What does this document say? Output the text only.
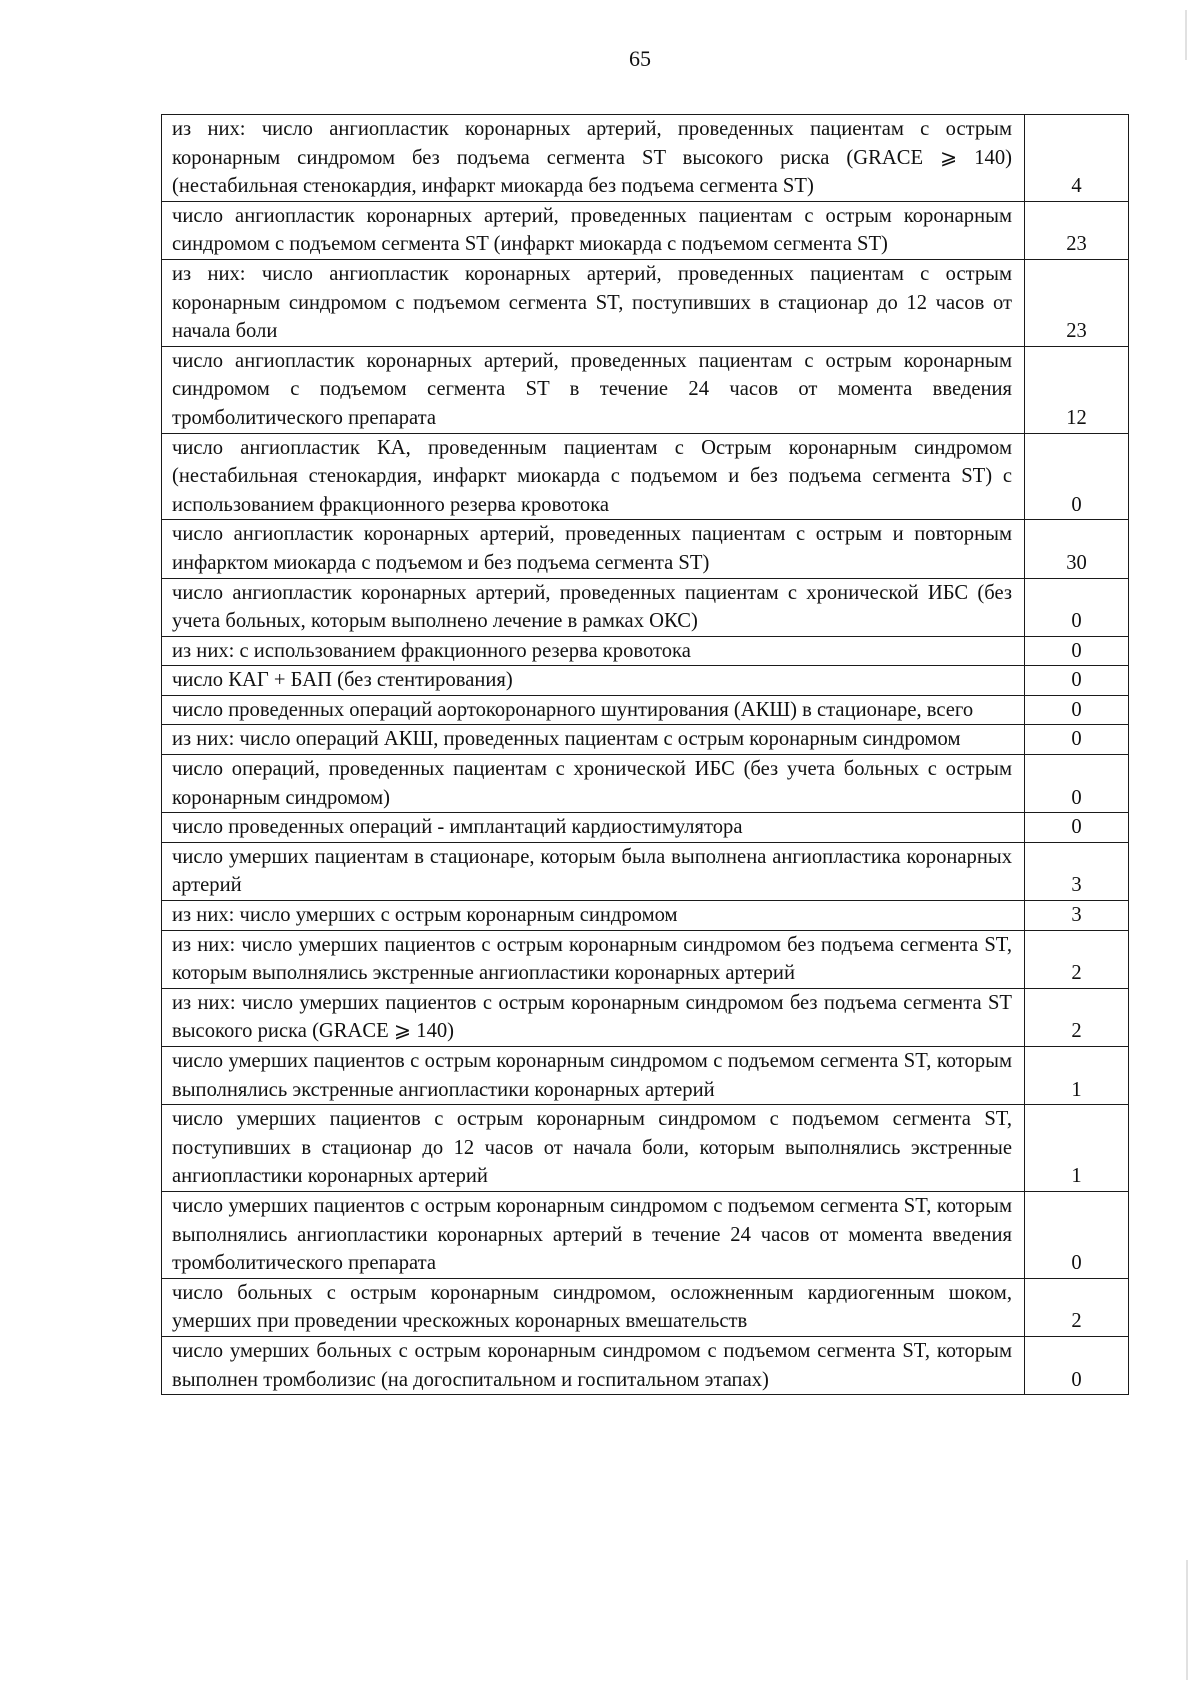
65
из них: число ангиопластик коронарных артерий, проведенных пациентам с острым коронарным синдромом без подъема сегмента ST высокого риска (GRACE ⩾ 140) (нестабильная стенокардия, инфаркт миокарда без подъема сегмента ST)	4
число ангиопластик коронарных артерий, проведенных пациентам с острым коронарным синдромом с подъемом сегмента ST (инфаркт миокарда с подъемом сегмента ST)	23
из них: число ангиопластик коронарных артерий, проведенных пациентам с острым коронарным синдромом с подъемом сегмента ST, поступивших в стационар до 12 часов от начала боли	23
число ангиопластик коронарных артерий, проведенных пациентам с острым коронарным синдромом с подъемом сегмента ST в течение 24 часов от момента введения тромболитического препарата	12
число ангиопластик КА, проведенным пациентам с Острым коронарным синдромом (нестабильная стенокардия, инфаркт миокарда с подъемом и без подъема сегмента ST) с использованием фракционного резерва кровотока	0
число ангиопластик коронарных артерий, проведенных пациентам с острым и повторным инфарктом миокарда с подъемом и без подъема сегмента ST)	30
число ангиопластик коронарных артерий, проведенных пациентам с хронической ИБС (без учета больных, которым выполнено лечение в рамках ОКС)	0
из них: с использованием фракционного резерва кровотока	0
число КАГ + БАП (без стентирования)	0
число проведенных операций аортокоронарного шунтирования (АКШ) в стационаре, всего	0
из них: число операций АКШ, проведенных пациентам с острым коронарным синдромом	0
число операций, проведенных пациентам с хронической ИБС (без учета больных с острым коронарным синдромом)	0
число проведенных операций - имплантаций кардиостимулятора	0
число умерших пациентам в стационаре, которым была выполнена ангиопластика коронарных артерий	3
из них: число умерших с острым коронарным синдромом	3
из них: число умерших пациентов с острым коронарным синдромом без подъема сегмента ST, которым выполнялись экстренные ангиопластики коронарных артерий	2
из них: число умерших пациентов с острым коронарным синдромом без подъема сегмента ST высокого риска (GRACE ⩾ 140)	2
число умерших пациентов с острым коронарным синдромом с подъемом сегмента ST, которым выполнялись экстренные ангиопластики коронарных артерий	1
число умерших пациентов с острым коронарным синдромом с подъемом сегмента ST, поступивших в стационар до 12 часов от начала боли, которым выполнялись экстренные ангиопластики коронарных артерий	1
число умерших пациентов с острым коронарным синдромом с подъемом сегмента ST, которым выполнялись ангиопластики коронарных артерий в течение 24 часов от момента введения тромболитического препарата	0
число больных с острым коронарным синдромом, осложненным кардиогенным шоком, умерших при проведении чрескожных коронарных вмешательств	2
число умерших больных с острым коронарным синдромом с подъемом сегмента ST, которым выполнен тромболизис (на догоспитальном и госпитальном этапах)	0
